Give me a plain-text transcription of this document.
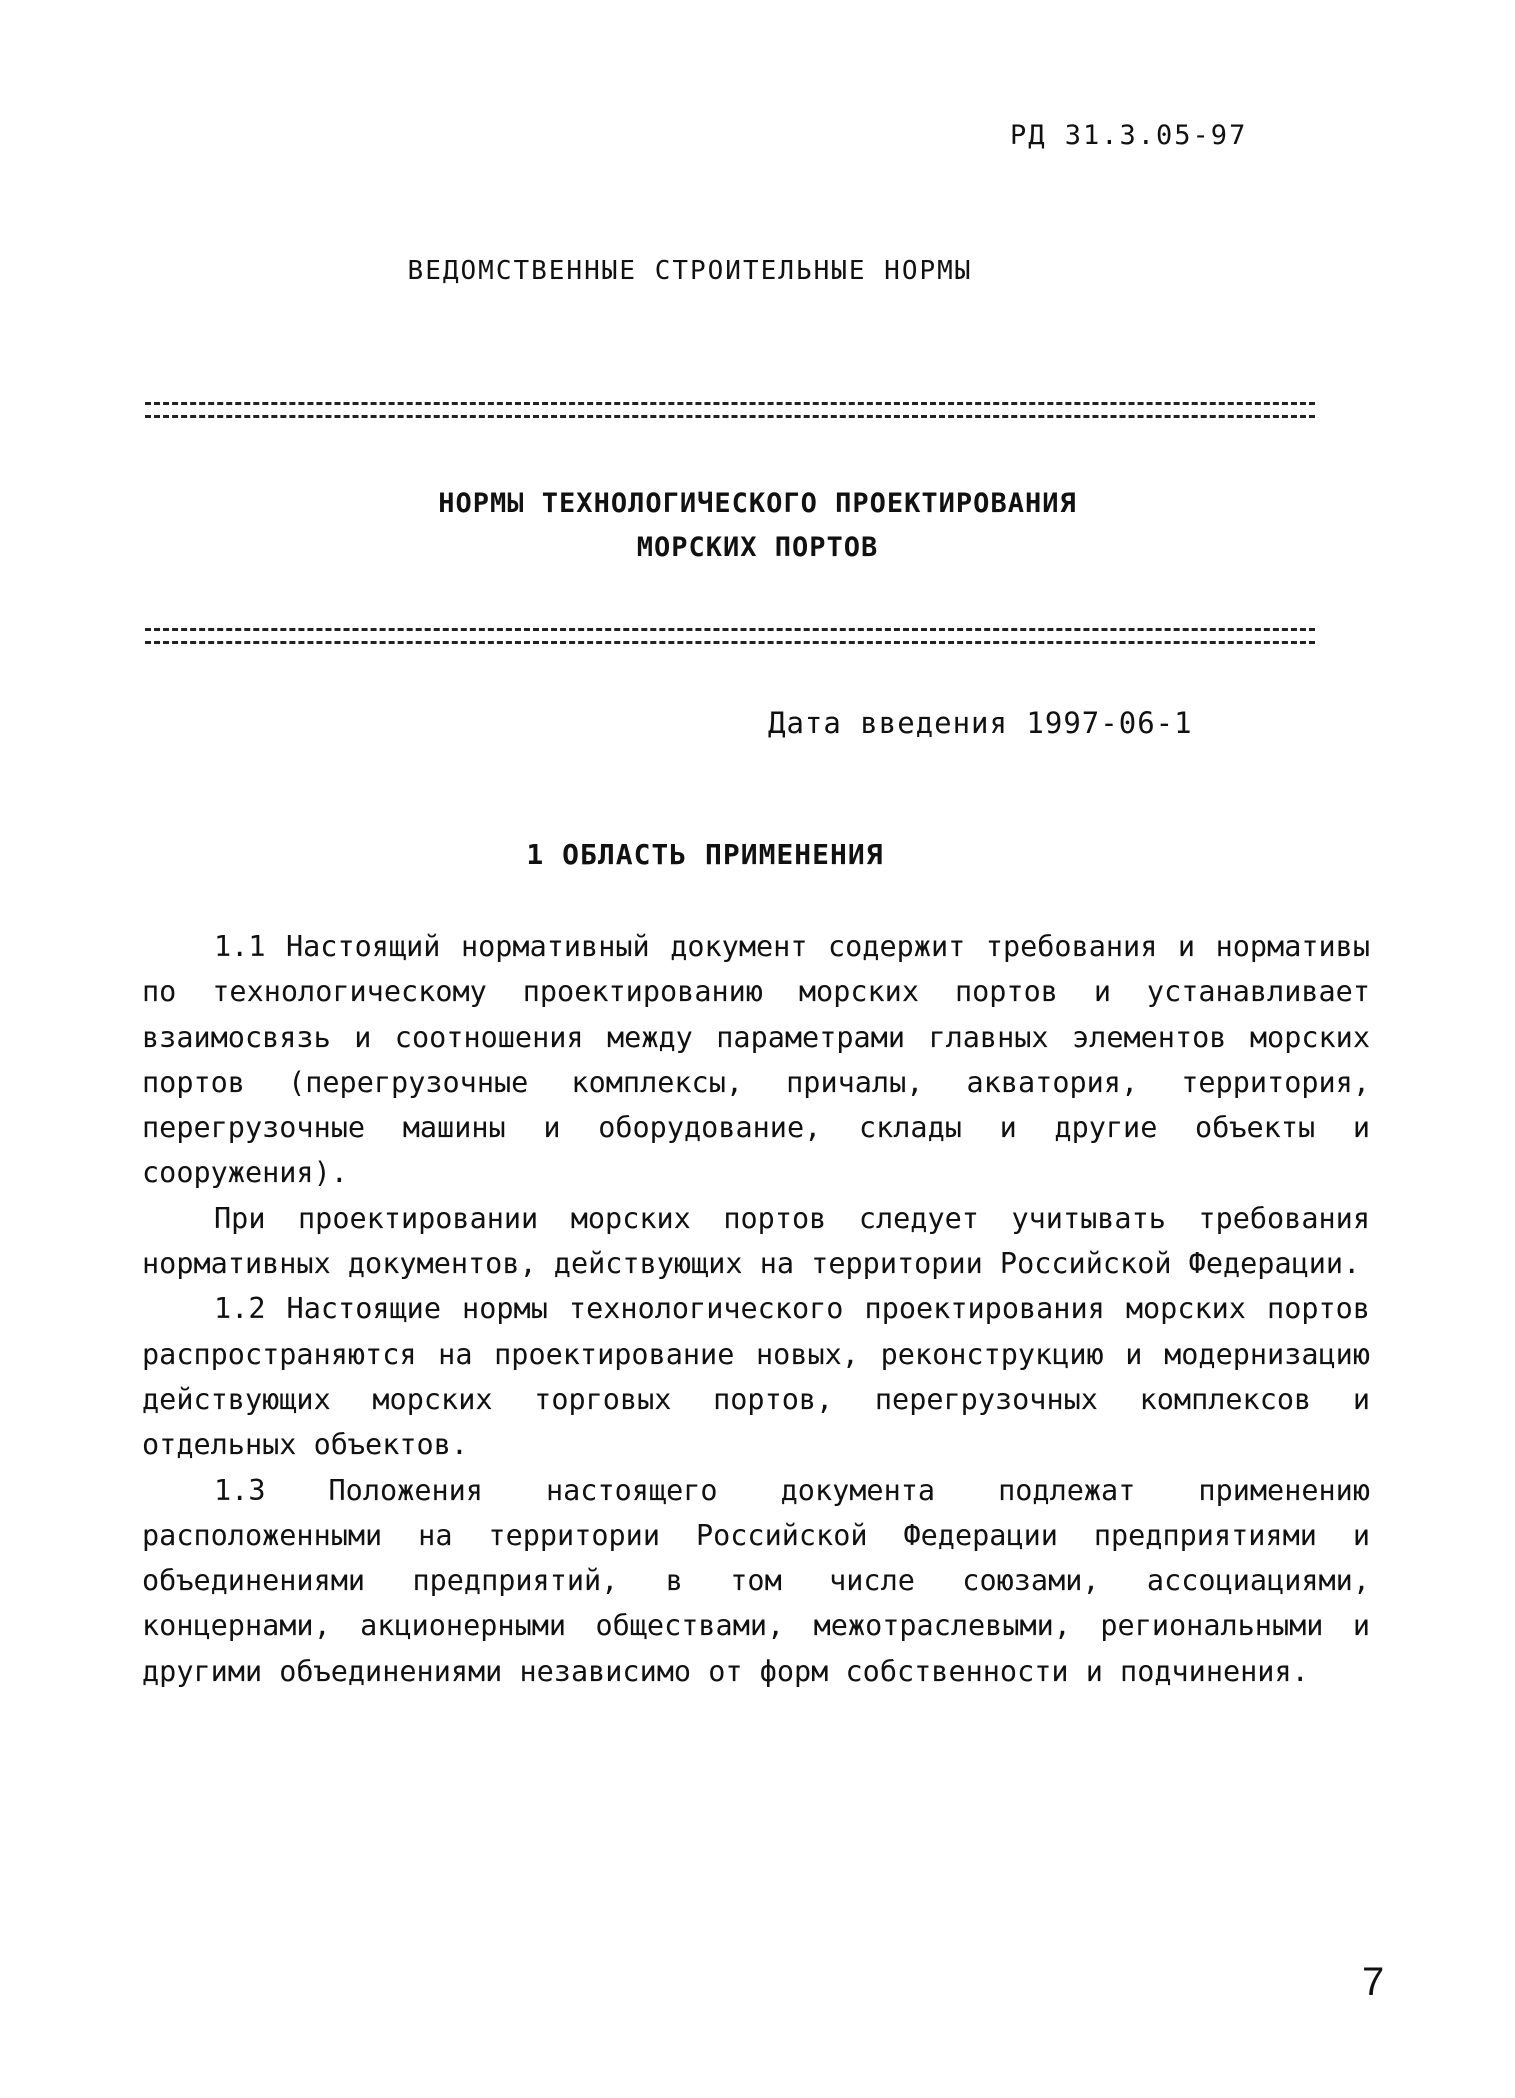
РД 31.3.05-97
ВЕДОМСТВЕННЫЕ СТРОИТЕЛЬНЫЕ НОРМЫ
НОРМЫ ТЕХНОЛОГИЧЕСКОГО ПРОЕКТИРОВАНИЯ
МОРСКИХ ПОРТОВ
Дата введения 1997-06-1
1 ОБЛАСТЬ ПРИМЕНЕНИЯ

1.1 Настоящий нормативный документ содержит требования и нормативы по технологическому проектированию морских портов и устанавливает взаимосвязь и соотношения между параметрами главных элементов морских портов (перегрузочные комплексы, причалы, акватория, территория, перегрузочные машины и оборудование, склады и другие объекты и сооружения).

При проектировании морских портов следует учитывать требования нормативных документов, действующих на территории Российской Федерации.

1.2 Настоящие нормы технологического проектирования морских портов распространяются на проектирование новых, реконструкцию и модернизацию действующих морских торговых портов, перегрузочных комплексов и отдельных объектов.

1.3 Положения настоящего документа подлежат применению расположенными на территории Российской Федерации предприятиями и объединениями предприятий, в том числе союзами, ассоциациями, концернами, акционерными обществами, межотраслевыми, региональными и другими объединениями независимо от форм собственности и подчинения.

7
